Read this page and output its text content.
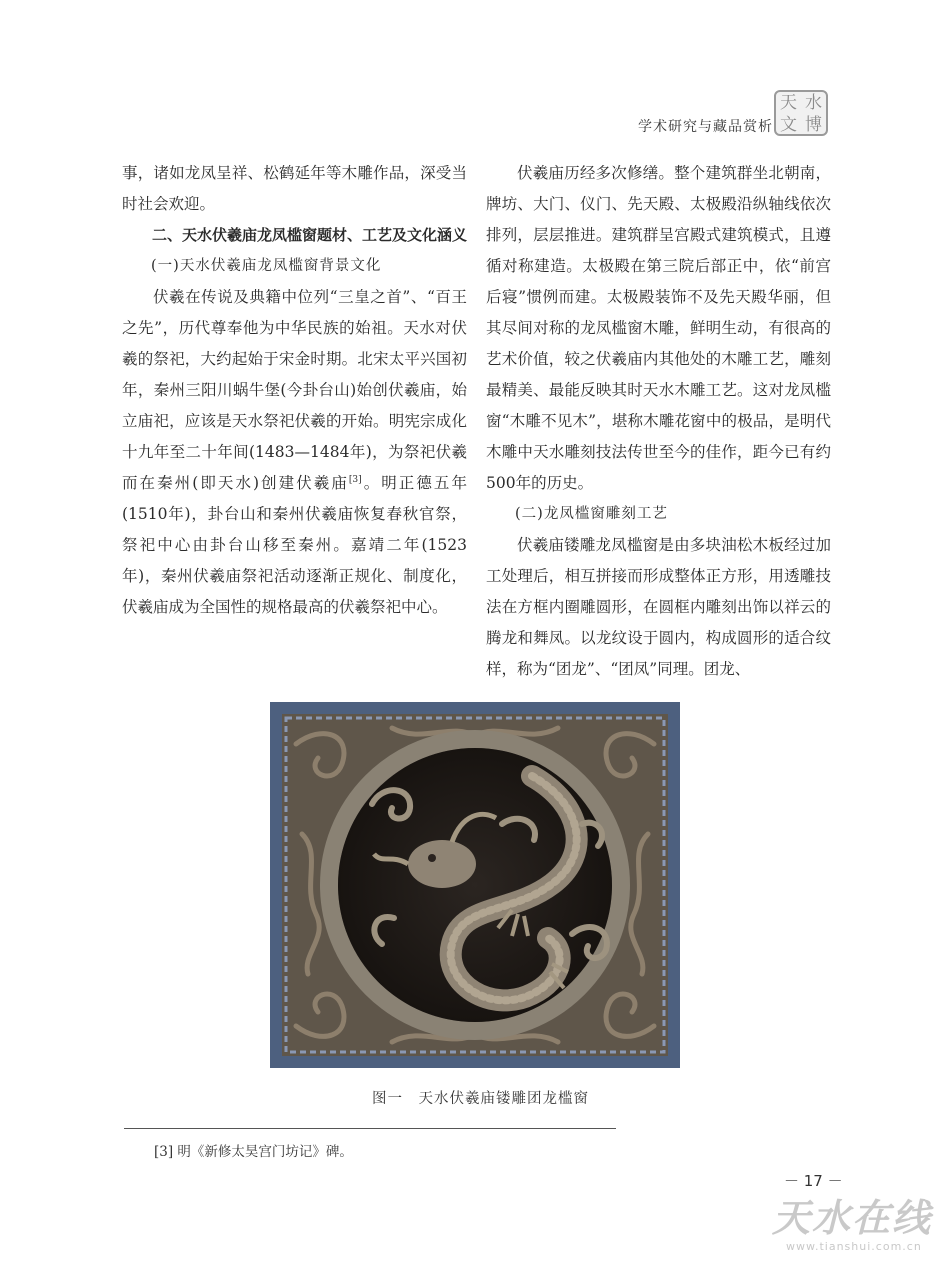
学术研究与藏品赏析
天 水
文 博

事，诸如龙凤呈祥、松鹤延年等木雕作品，深受当时社会欢迎。

二、天水伏羲庙龙凤槛窗题材、工艺及文化涵义

(一)天水伏羲庙龙凤槛窗背景文化

伏羲在传说及典籍中位列“三皇之首”、“百王之先”，历代尊奉他为中华民族的始祖。天水对伏羲的祭祀，大约起始于宋金时期。北宋太平兴国初年，秦州三阳川蜗牛堡(今卦台山)始创伏羲庙，始立庙祀，应该是天水祭祀伏羲的开始。明宪宗成化十九年至二十年间(1483—1484年)，为祭祀伏羲而在秦州(即天水)创建伏羲庙[3]。明正德五年(1510年)，卦台山和秦州伏羲庙恢复春秋官祭，祭祀中心由卦台山移至秦州。嘉靖二年(1523年)，秦州伏羲庙祭祀活动逐渐正规化、制度化，伏羲庙成为全国性的规格最高的伏羲祭祀中心。

伏羲庙历经多次修缮。整个建筑群坐北朝南，牌坊、大门、仪门、先天殿、太极殿沿纵轴线依次排列，层层推进。建筑群呈宫殿式建筑模式，且遵循对称建造。太极殿在第三院后部正中，依“前宫后寝”惯例而建。太极殿装饰不及先天殿华丽，但其尽间对称的龙凤槛窗木雕，鲜明生动，有很高的艺术价值，较之伏羲庙内其他处的木雕工艺，雕刻最精美、最能反映其时天水木雕工艺。这对龙凤槛窗“木雕不见木”，堪称木雕花窗中的极品，是明代木雕中天水雕刻技法传世至今的佳作，距今已有约500年的历史。

(二)龙凤槛窗雕刻工艺

伏羲庙镂雕龙凤槛窗是由多块油松木板经过加工处理后，相互拼接而形成整体正方形，用透雕技法在方框内圈雕圆形，在圆框内雕刻出饰以祥云的腾龙和舞凤。以龙纹设于圆内，构成圆形的适合纹样，称为“团龙”、“团凤”同理。团龙、

图一　天水伏羲庙镂雕团龙槛窗
[3] 明《新修太昊宫门坊记》碑。
－ 17 －
天水在线
www.tianshui.com.cn
